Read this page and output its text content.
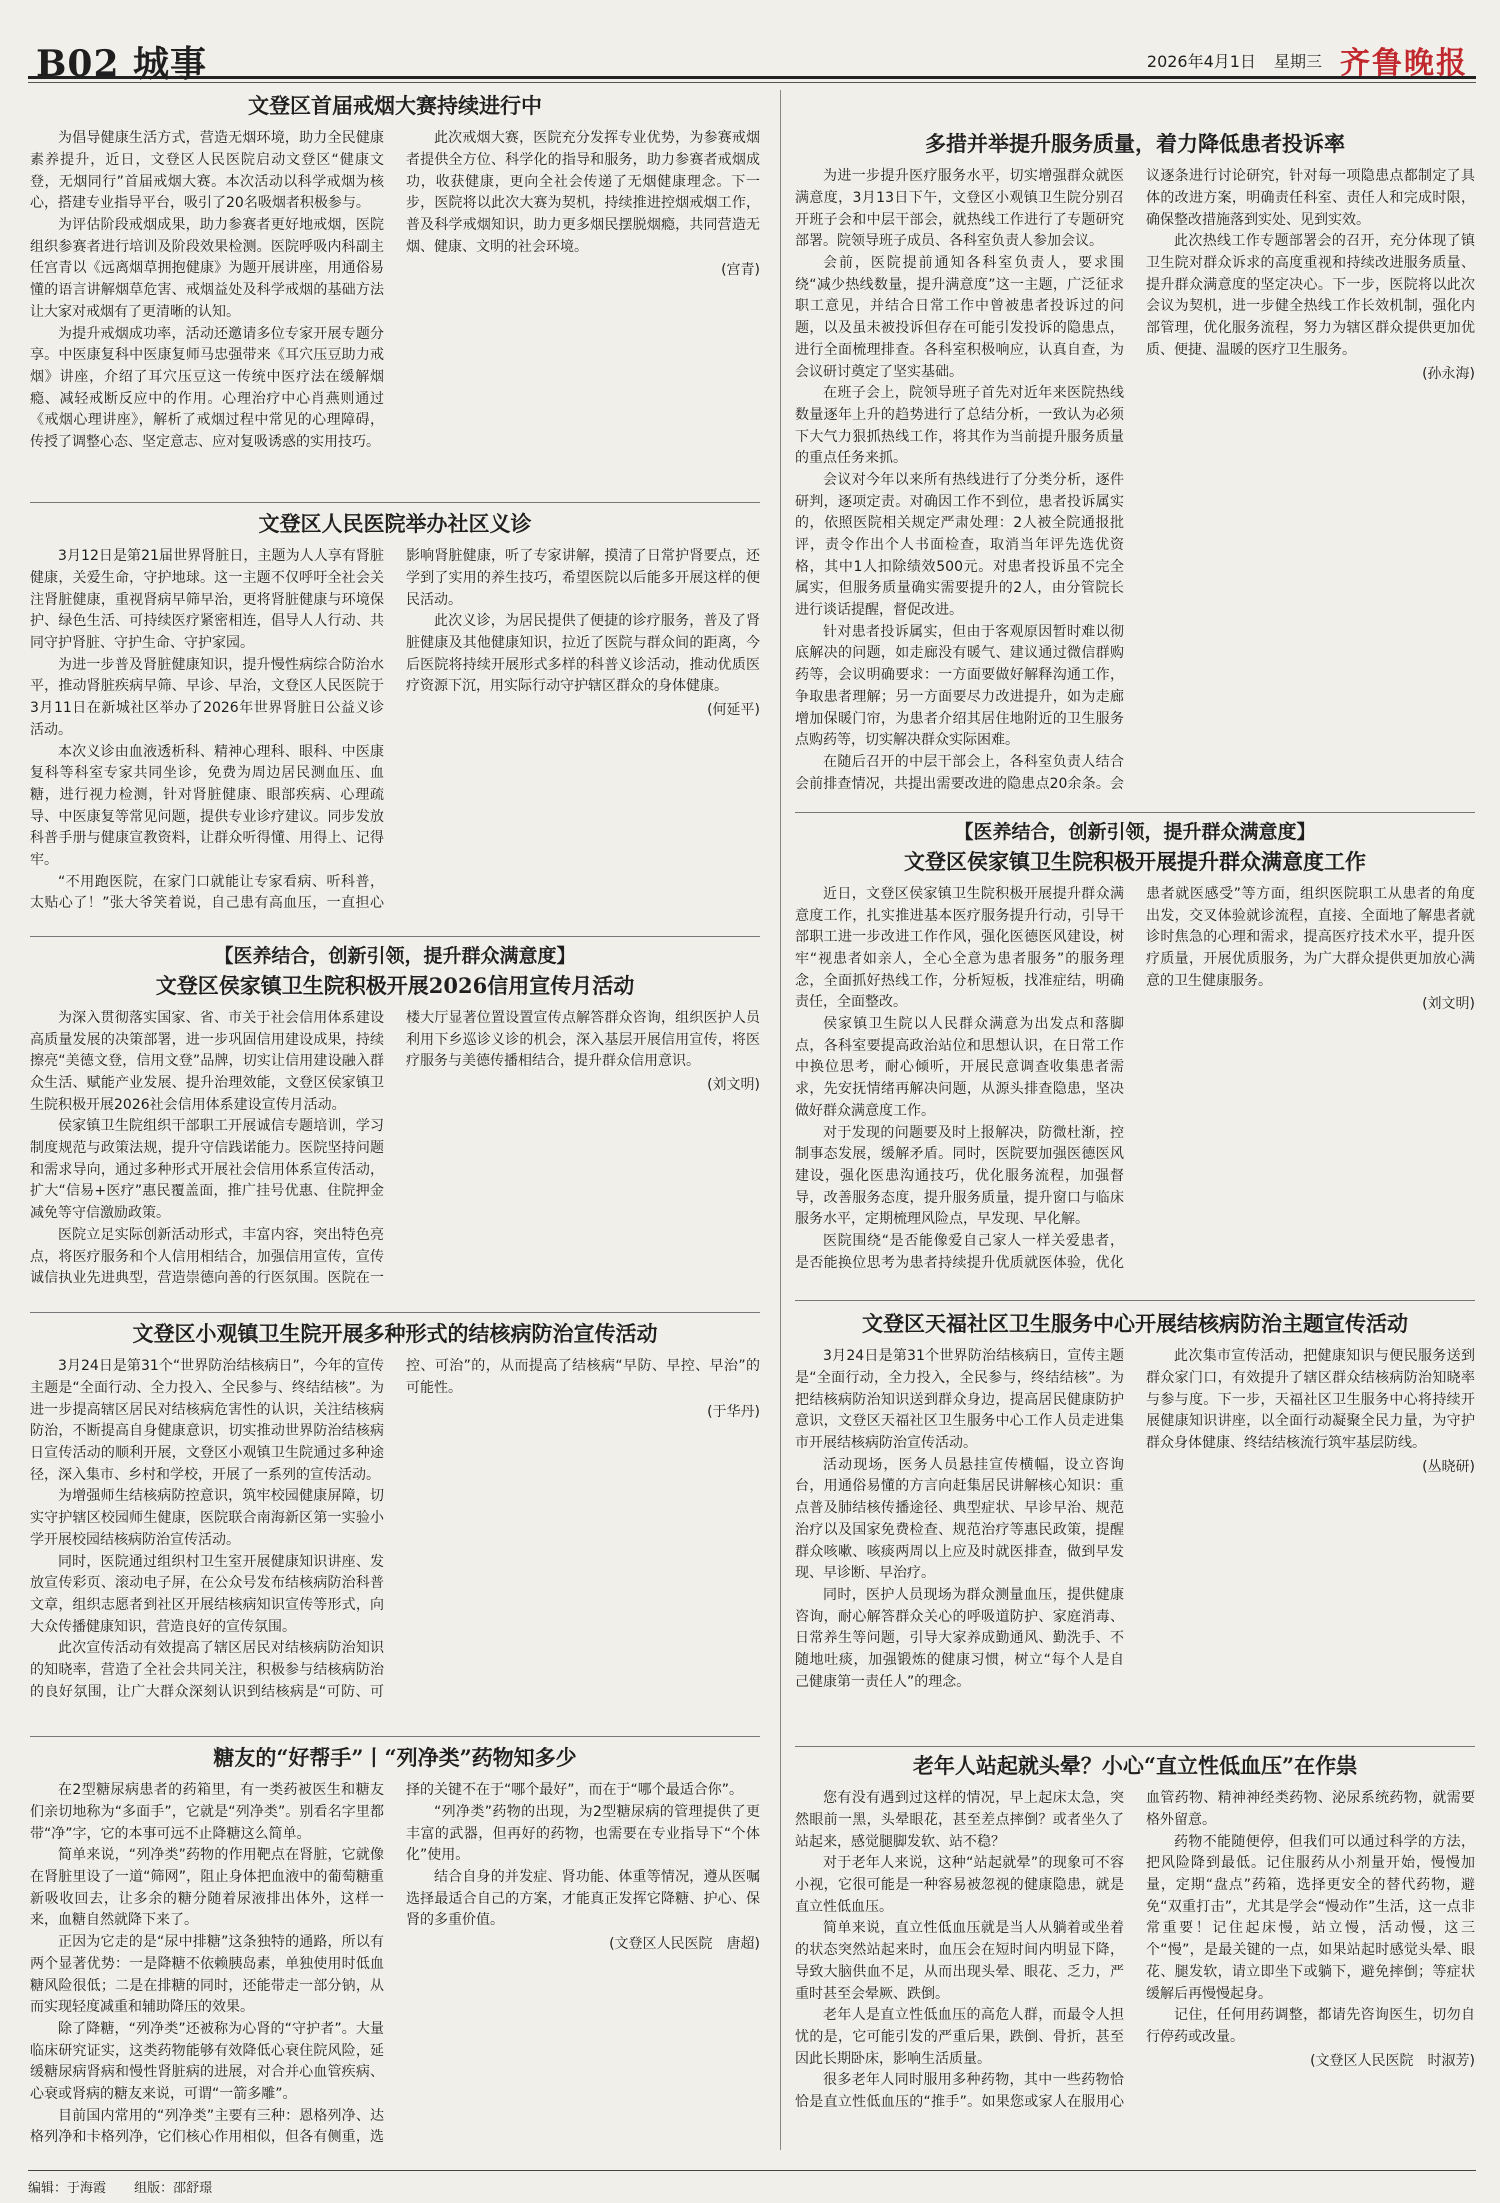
B02 城事	2026年4月1日 星期三 齐鲁晚报
文登区首届戒烟大赛持续进行中

为倡导健康生活方式，营造无烟环境，助力全民健康素养提升，近日，文登区人民医院启动文登区“健康文登，无烟同行”首届戒烟大赛。本次活动以科学戒烟为核心，搭建专业指导平台，吸引了20名吸烟者积极参与。

为评估阶段戒烟成果，助力参赛者更好地戒烟，医院组织参赛者进行培训及阶段效果检测。医院呼吸内科副主任宫青以《远离烟草拥抱健康》为题开展讲座，用通俗易懂的语言讲解烟草危害、戒烟益处及科学戒烟的基础方法让大家对戒烟有了更清晰的认知。

为提升戒烟成功率，活动还邀请多位专家开展专题分享。中医康复科中医康复师马忠强带来《耳穴压豆助力戒烟》讲座，介绍了耳穴压豆这一传统中医疗法在缓解烟瘾、减轻戒断反应中的作用。心理治疗中心肖燕则通过《戒烟心理讲座》，解析了戒烟过程中常见的心理障碍，传授了调整心态、坚定意志、应对复吸诱惑的实用技巧。

此次戒烟大赛，医院充分发挥专业优势，为参赛戒烟者提供全方位、科学化的指导和服务，助力参赛者戒烟成功，收获健康，更向全社会传递了无烟健康理念。下一步，医院将以此次大赛为契机，持续推进控烟戒烟工作，普及科学戒烟知识，助力更多烟民摆脱烟瘾，共同营造无烟、健康、文明的社会环境。

(宫青)
文登区人民医院举办社区义诊

3月12日是第21届世界肾脏日，主题为人人享有肾脏健康，关爱生命，守护地球。这一主题不仅呼吁全社会关注肾脏健康，重视肾病早筛早治，更将肾脏健康与环境保护、绿色生活、可持续医疗紧密相连，倡导人人行动、共同守护肾脏、守护生命、守护家园。

为进一步普及肾脏健康知识，提升慢性病综合防治水平，推动肾脏疾病早筛、早诊、早治，文登区人民医院于3月11日在新城社区举办了2026年世界肾脏日公益义诊活动。

本次义诊由血液透析科、精神心理科、眼科、中医康复科等科室专家共同坐诊，免费为周边居民测血压、血糖，进行视力检测，针对肾脏健康、眼部疾病、心理疏导、中医康复等常见问题，提供专业诊疗建议。同步发放科普手册与健康宣教资料，让群众听得懂、用得上、记得牢。

“不用跑医院，在家门口就能让专家看病、听科普，太贴心了！”张大爷笑着说，自己患有高血压，一直担心影响肾脏健康，听了专家讲解，摸清了日常护肾要点，还学到了实用的养生技巧，希望医院以后能多开展这样的便民活动。

此次义诊，为居民提供了便捷的诊疗服务，普及了肾脏健康及其他健康知识，拉近了医院与群众间的距离，今后医院将持续开展形式多样的科普义诊活动，推动优质医疗资源下沉，用实际行动守护辖区群众的身体健康。

(何延平)
【医养结合，创新引领，提升群众满意度】
文登区侯家镇卫生院积极开展2026信用宣传月活动

为深入贯彻落实国家、省、市关于社会信用体系建设高质量发展的决策部署，进一步巩固信用建设成果，持续擦亮“美德文登，信用文登”品牌，切实让信用建设融入群众生活、赋能产业发展、提升治理效能，文登区侯家镇卫生院积极开展2026社会信用体系建设宣传月活动。

侯家镇卫生院组织干部职工开展诚信专题培训，学习制度规范与政策法规，提升守信践诺能力。医院坚持问题和需求导向，通过多种形式开展社会信用体系宣传活动，扩大“信易+医疗”惠民覆盖面，推广挂号优惠、住院押金减免等守信激励政策。

医院立足实际创新活动形式，丰富内容，突出特色亮点，将医疗服务和个人信用相结合，加强信用宣传，宣传诚信执业先进典型，营造崇德向善的行医氛围。医院在一楼大厅显著位置设置宣传点解答群众咨询，组织医护人员利用下乡巡诊义诊的机会，深入基层开展信用宣传，将医疗服务与美德传播相结合，提升群众信用意识。

(刘文明)
文登区小观镇卫生院开展多种形式的结核病防治宣传活动

3月24日是第31个“世界防治结核病日”，今年的宣传主题是“全面行动、全力投入、全民参与、终结结核”。为进一步提高辖区居民对结核病危害性的认识，关注结核病防治，不断提高自身健康意识，切实推动世界防治结核病日宣传活动的顺利开展，文登区小观镇卫生院通过多种途径，深入集市、乡村和学校，开展了一系列的宣传活动。

为增强师生结核病防控意识，筑牢校园健康屏障，切实守护辖区校园师生健康，医院联合南海新区第一实验小学开展校园结核病防治宣传活动。

同时，医院通过组织村卫生室开展健康知识讲座、发放宣传彩页、滚动电子屏，在公众号发布结核病防治科普文章，组织志愿者到社区开展结核病知识宣传等形式，向大众传播健康知识，营造良好的宣传氛围。

此次宣传活动有效提高了辖区居民对结核病防治知识的知晓率，营造了全社会共同关注，积极参与结核病防治的良好氛围，让广大群众深刻认识到结核病是“可防、可控、可治”的，从而提高了结核病“早防、早控、早治”的可能性。

(于华丹)
糖友的“好帮手”丨“列净类”药物知多少

在2型糖尿病患者的药箱里，有一类药被医生和糖友们亲切地称为“多面手”，它就是“列净类”。别看名字里都带“净”字，它的本事可远不止降糖这么简单。

简单来说，“列净类”药物的作用靶点在肾脏，它就像在肾脏里设了一道“筛网”，阻止身体把血液中的葡萄糖重新吸收回去，让多余的糖分随着尿液排出体外，这样一来，血糖自然就降下来了。

正因为它走的是“尿中排糖”这条独特的通路，所以有两个显著优势：一是降糖不依赖胰岛素，单独使用时低血糖风险很低；二是在排糖的同时，还能带走一部分钠，从而实现轻度减重和辅助降压的效果。

除了降糖，“列净类”还被称为心肾的“守护者”。大量临床研究证实，这类药物能够有效降低心衰住院风险，延缓糖尿病肾病和慢性肾脏病的进展，对合并心血管疾病、心衰或肾病的糖友来说，可谓“一箭多雕”。

目前国内常用的“列净类”主要有三种：恩格列净、达格列净和卡格列净，它们核心作用相似，但各有侧重，选择的关键不在于“哪个最好”，而在于“哪个最适合你”。

“列净类”药物的出现，为2型糖尿病的管理提供了更丰富的武器，但再好的药物，也需要在专业指导下“个体化”使用。

结合自身的并发症、肾功能、体重等情况，遵从医嘱选择最适合自己的方案，才能真正发挥它降糖、护心、保肾的多重价值。

(文登区人民医院　唐超)
多措并举提升服务质量，着力降低患者投诉率

为进一步提升医疗服务水平，切实增强群众就医满意度，3月13日下午，文登区小观镇卫生院分别召开班子会和中层干部会，就热线工作进行了专题研究部署。院领导班子成员、各科室负责人参加会议。

会前，医院提前通知各科室负责人，要求围绕“减少热线数量，提升满意度”这一主题，广泛征求职工意见，并结合日常工作中曾被患者投诉过的问题，以及虽未被投诉但存在可能引发投诉的隐患点，进行全面梳理排查。各科室积极响应，认真自查，为会议研讨奠定了坚实基础。

在班子会上，院领导班子首先对近年来医院热线数量逐年上升的趋势进行了总结分析，一致认为必须下大气力狠抓热线工作，将其作为当前提升服务质量的重点任务来抓。

会议对今年以来所有热线进行了分类分析，逐件研判，逐项定责。对确因工作不到位，患者投诉属实的，依照医院相关规定严肃处理：2人被全院通报批评，责令作出个人书面检查，取消当年评先选优资格，其中1人扣除绩效500元。对患者投诉虽不完全属实，但服务质量确实需要提升的2人，由分管院长进行谈话提醒，督促改进。

针对患者投诉属实，但由于客观原因暂时难以彻底解决的问题，如走廊没有暖气、建议通过微信群购药等，会议明确要求：一方面要做好解释沟通工作，争取患者理解；另一方面要尽力改进提升，如为走廊增加保暖门帘，为患者介绍其居住地附近的卫生服务点购药等，切实解决群众实际困难。

在随后召开的中层干部会上，各科室负责人结合会前排查情况，共提出需要改进的隐患点20余条。会议逐条进行讨论研究，针对每一项隐患点都制定了具体的改进方案，明确责任科室、责任人和完成时限，确保整改措施落到实处、见到实效。

此次热线工作专题部署会的召开，充分体现了镇卫生院对群众诉求的高度重视和持续改进服务质量、提升群众满意度的坚定决心。下一步，医院将以此次会议为契机，进一步健全热线工作长效机制，强化内部管理，优化服务流程，努力为辖区群众提供更加优质、便捷、温暖的医疗卫生服务。

(孙永海)
【医养结合，创新引领，提升群众满意度】
文登区侯家镇卫生院积极开展提升群众满意度工作

近日，文登区侯家镇卫生院积极开展提升群众满意度工作，扎实推进基本医疗服务提升行动，引导干部职工进一步改进工作作风，强化医德医风建设，树牢“视患者如亲人，全心全意为患者服务”的服务理念，全面抓好热线工作，分析短板，找准症结，明确责任，全面整改。

侯家镇卫生院以人民群众满意为出发点和落脚点，各科室要提高政治站位和思想认识，在日常工作中换位思考，耐心倾听，开展民意调查收集患者需求，先安抚情绪再解决问题，从源头排查隐患，坚决做好群众满意度工作。

对于发现的问题要及时上报解决，防微杜渐，控制事态发展，缓解矛盾。同时，医院要加强医德医风建设，强化医患沟通技巧，优化服务流程，加强督导，改善服务态度，提升服务质量，提升窗口与临床服务水平，定期梳理风险点，早发现、早化解。

医院围绕“是否能像爱自己家人一样关爱患者，是否能换位思考为患者持续提升优质就医体验，优化患者就医感受”等方面，组织医院职工从患者的角度出发，交叉体验就诊流程，直接、全面地了解患者就诊时焦急的心理和需求，提高医疗技术水平，提升医疗质量，开展优质服务，为广大群众提供更加放心满意的卫生健康服务。

(刘文明)
文登区天福社区卫生服务中心开展结核病防治主题宣传活动

3月24日是第31个世界防治结核病日，宣传主题是“全面行动，全力投入，全民参与，终结结核”。为把结核病防治知识送到群众身边，提高居民健康防护意识，文登区天福社区卫生服务中心工作人员走进集市开展结核病防治宣传活动。

活动现场，医务人员悬挂宣传横幅，设立咨询台，用通俗易懂的方言向赶集居民讲解核心知识：重点普及肺结核传播途径、典型症状、早诊早治、规范治疗以及国家免费检查、规范治疗等惠民政策，提醒群众咳嗽、咳痰两周以上应及时就医排查，做到早发现、早诊断、早治疗。

同时，医护人员现场为群众测量血压，提供健康咨询，耐心解答群众关心的呼吸道防护、家庭消毒、日常养生等问题，引导大家养成勤通风、勤洗手、不随地吐痰，加强锻炼的健康习惯，树立“每个人是自己健康第一责任人”的理念。

此次集市宣传活动，把健康知识与便民服务送到群众家门口，有效提升了辖区群众结核病防治知晓率与参与度。下一步，天福社区卫生服务中心将持续开展健康知识讲座，以全面行动凝聚全民力量，为守护群众身体健康、终结结核流行筑牢基层防线。

(丛晓研)
老年人站起就头晕？小心“直立性低血压”在作祟

您有没有遇到过这样的情况，早上起床太急，突然眼前一黑，头晕眼花，甚至差点摔倒？或者坐久了站起来，感觉腿脚发软、站不稳？

对于老年人来说，这种“站起就晕”的现象可不容小视，它很可能是一种容易被忽视的健康隐患，就是直立性低血压。

简单来说，直立性低血压就是当人从躺着或坐着的状态突然站起来时，血压会在短时间内明显下降，导致大脑供血不足，从而出现头晕、眼花、乏力，严重时甚至会晕厥、跌倒。

老年人是直立性低血压的高危人群，而最令人担忧的是，它可能引发的严重后果，跌倒、骨折，甚至因此长期卧床，影响生活质量。

很多老年人同时服用多种药物，其中一些药物恰恰是直立性低血压的“推手”。如果您或家人在服用心血管药物、精神神经类药物、泌尿系统药物，就需要格外留意。

药物不能随便停，但我们可以通过科学的方法，把风险降到最低。记住服药从小剂量开始，慢慢加量，定期“盘点”药箱，选择更安全的替代药物，避免“双重打击”，尤其是学会“慢动作”生活，这一点非常重要！记住起床慢，站立慢，活动慢，这三个“慢”，是最关键的一点，如果站起时感觉头晕、眼花、腿发软，请立即坐下或躺下，避免摔倒；等症状缓解后再慢慢起身。

记住，任何用药调整，都请先咨询医生，切勿自行停药或改量。

(文登区人民医院　时淑芳)
编辑：于海霞 组版：邵舒璟
